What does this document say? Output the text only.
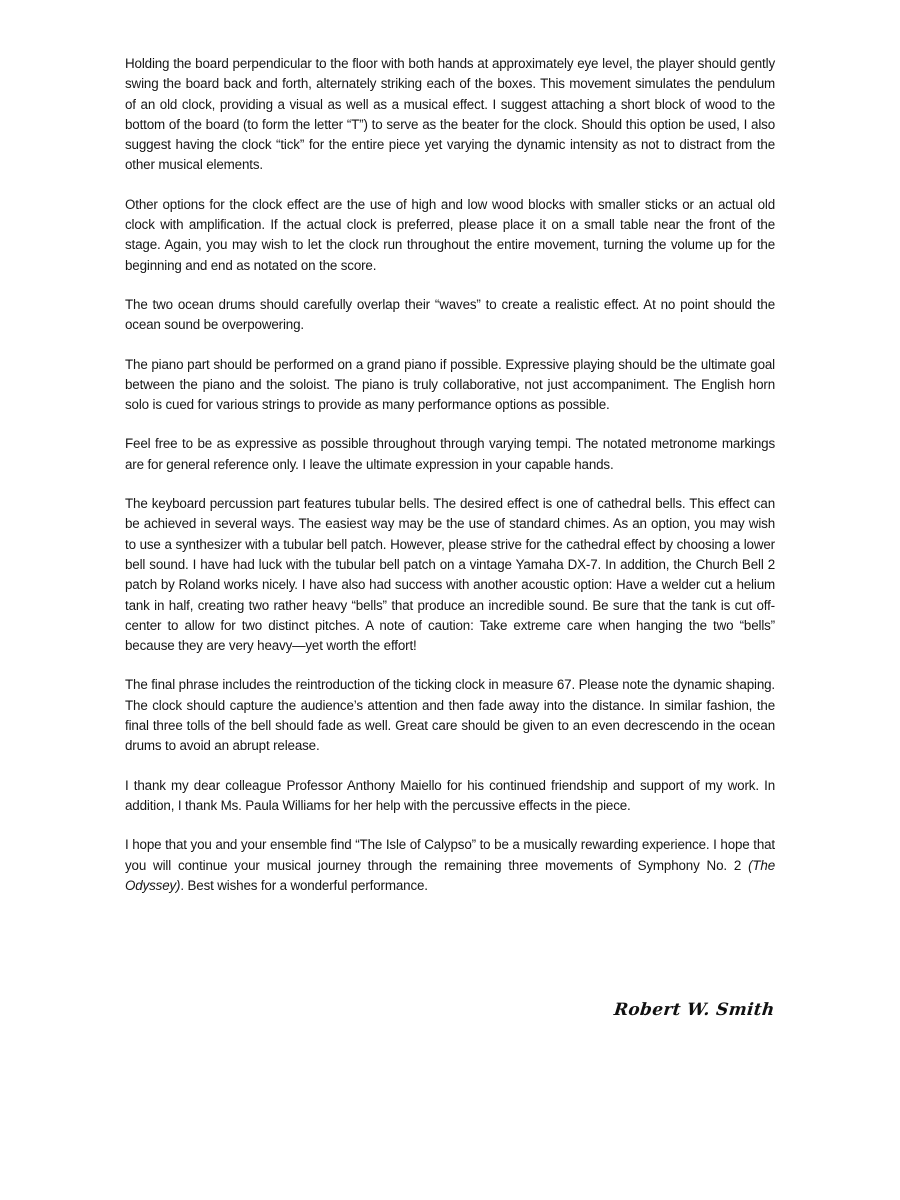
Holding the board perpendicular to the floor with both hands at approximately eye level, the player should gently swing the board back and forth, alternately striking each of the boxes. This movement simulates the pendulum of an old clock, providing a visual as well as a musical effect. I suggest attaching a short block of wood to the bottom of the board (to form the letter “T”) to serve as the beater for the clock. Should this option be used, I also suggest having the clock “tick” for the entire piece yet varying the dynamic intensity as not to distract from the other musical elements.

Other options for the clock effect are the use of high and low wood blocks with smaller sticks or an actual old clock with amplification. If the actual clock is preferred, please place it on a small table near the front of the stage. Again, you may wish to let the clock run throughout the entire movement, turning the volume up for the beginning and end as notated on the score.

The two ocean drums should carefully overlap their “waves” to create a realistic effect. At no point should the ocean sound be overpowering.

The piano part should be performed on a grand piano if possible. Expressive playing should be the ultimate goal between the piano and the soloist. The piano is truly collaborative, not just accompaniment. The English horn solo is cued for various strings to provide as many performance options as possible.

Feel free to be as expressive as possible throughout through varying tempi. The notated metronome markings are for general reference only. I leave the ultimate expression in your capable hands.

The keyboard percussion part features tubular bells. The desired effect is one of cathedral bells. This effect can be achieved in several ways. The easiest way may be the use of standard chimes. As an option, you may wish to use a synthesizer with a tubular bell patch. However, please strive for the cathedral effect by choosing a lower bell sound. I have had luck with the tubular bell patch on a vintage Yamaha DX-7. In addition, the Church Bell 2 patch by Roland works nicely. I have also had success with another acoustic option: Have a welder cut a helium tank in half, creating two rather heavy “bells” that produce an incredible sound. Be sure that the tank is cut off-center to allow for two distinct pitches. A note of caution: Take extreme care when hanging the two “bells” because they are very heavy—yet worth the effort!

The final phrase includes the reintroduction of the ticking clock in measure 67. Please note the dynamic shaping. The clock should capture the audience’s attention and then fade away into the distance. In similar fashion, the final three tolls of the bell should fade as well. Great care should be given to an even decrescendo in the ocean drums to avoid an abrupt release.

I thank my dear colleague Professor Anthony Maiello for his continued friendship and support of my work. In addition, I thank Ms. Paula Williams for her help with the percussive effects in the piece.

I hope that you and your ensemble find “The Isle of Calypso” to be a musically rewarding experience. I hope that you will continue your musical journey through the remaining three movements of Symphony No. 2 (The Odyssey). Best wishes for a wonderful performance.

Robert W. Smith
